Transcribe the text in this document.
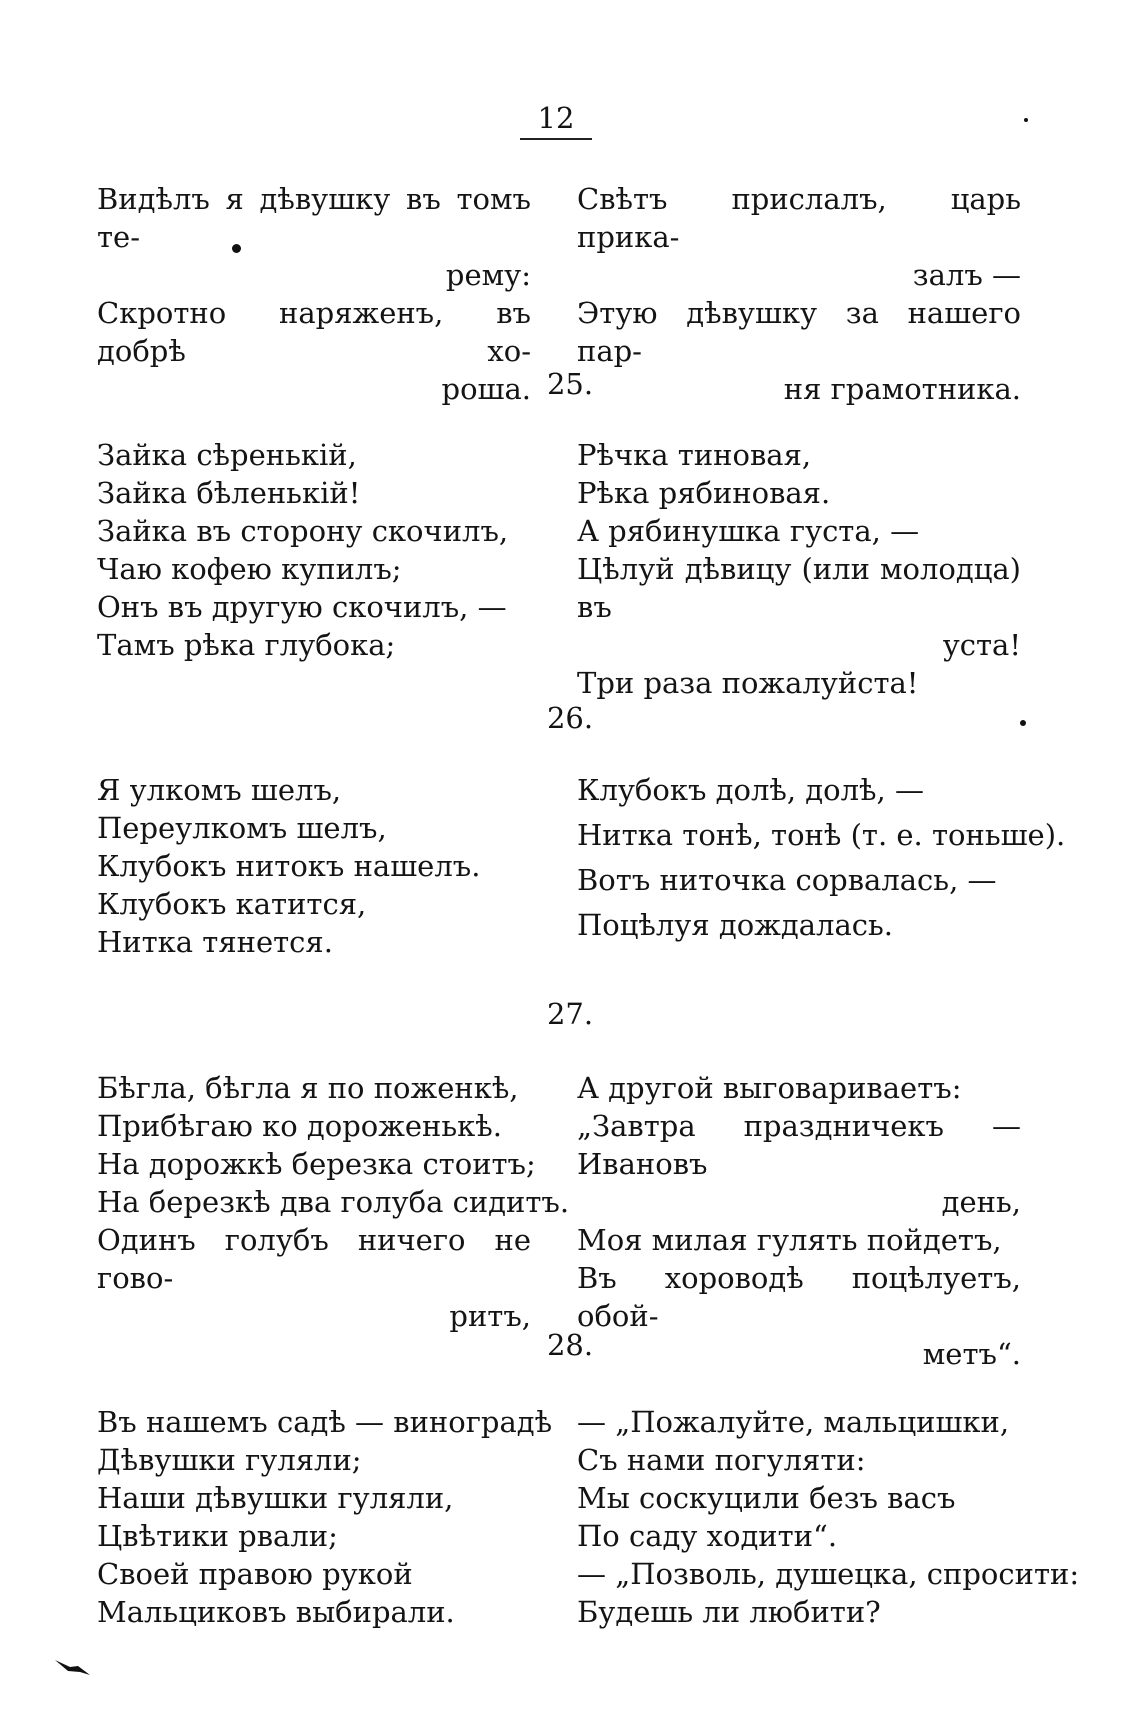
12
Видѣлъ я дѣвушку въ томъ те-
рему:
Скротно наряженъ, въ добрѣ хо-
роша.
Свѣтъ прислалъ, царь прика-
залъ —
Этую дѣвушку за нашего пар-
ня грамотника.
25.
Зайка сѣренькій,
Зайка бѣленькій!
Зайка въ сторону скочилъ,
Чаю кофею купилъ;
Онъ въ другую скочилъ, —
Тамъ рѣка глубока;
Рѣчка тиновая,
Рѣка рябиновая.
А рябинушка густа, —
Цѣлуй дѣвицу (или молодца) въ
уста!
Три раза пожалуйста!
26.
Я улкомъ шелъ,
Переулкомъ шелъ,
Клубокъ нитокъ нашелъ.
Клубокъ катится,
Нитка тянется.
Клубокъ долѣ, долѣ, —
Нитка тонѣ, тонѣ (т. е. тоньше).
Вотъ ниточка сорвалась, —
Поцѣлуя дождалась.
27.
Бѣгла, бѣгла я по поженкѣ,
Прибѣгаю ко дороженькѣ.
На дорожкѣ березка стоитъ;
На березкѣ два голуба сидитъ.
Одинъ голубъ ничего не гово-
ритъ,
А другой выговариваетъ:
„Завтра праздничекъ — Ивановъ
день,
Моя милая гулять пойдетъ,
Въ хороводѣ поцѣлуетъ, обой-
метъ“.
28.
Въ нашемъ садѣ — виноградѣ
Дѣвушки гуляли;
Наши дѣвушки гуляли,
Цвѣтики рвали;
Своей правою рукой
Мальциковъ выбирали.
— „Пожалуйте, мальцишки,
Съ нами погуляти:
Мы соскуцили безъ васъ
По саду ходити“.
— „Позволь, душецка, спросити:
Будешь ли любити?
